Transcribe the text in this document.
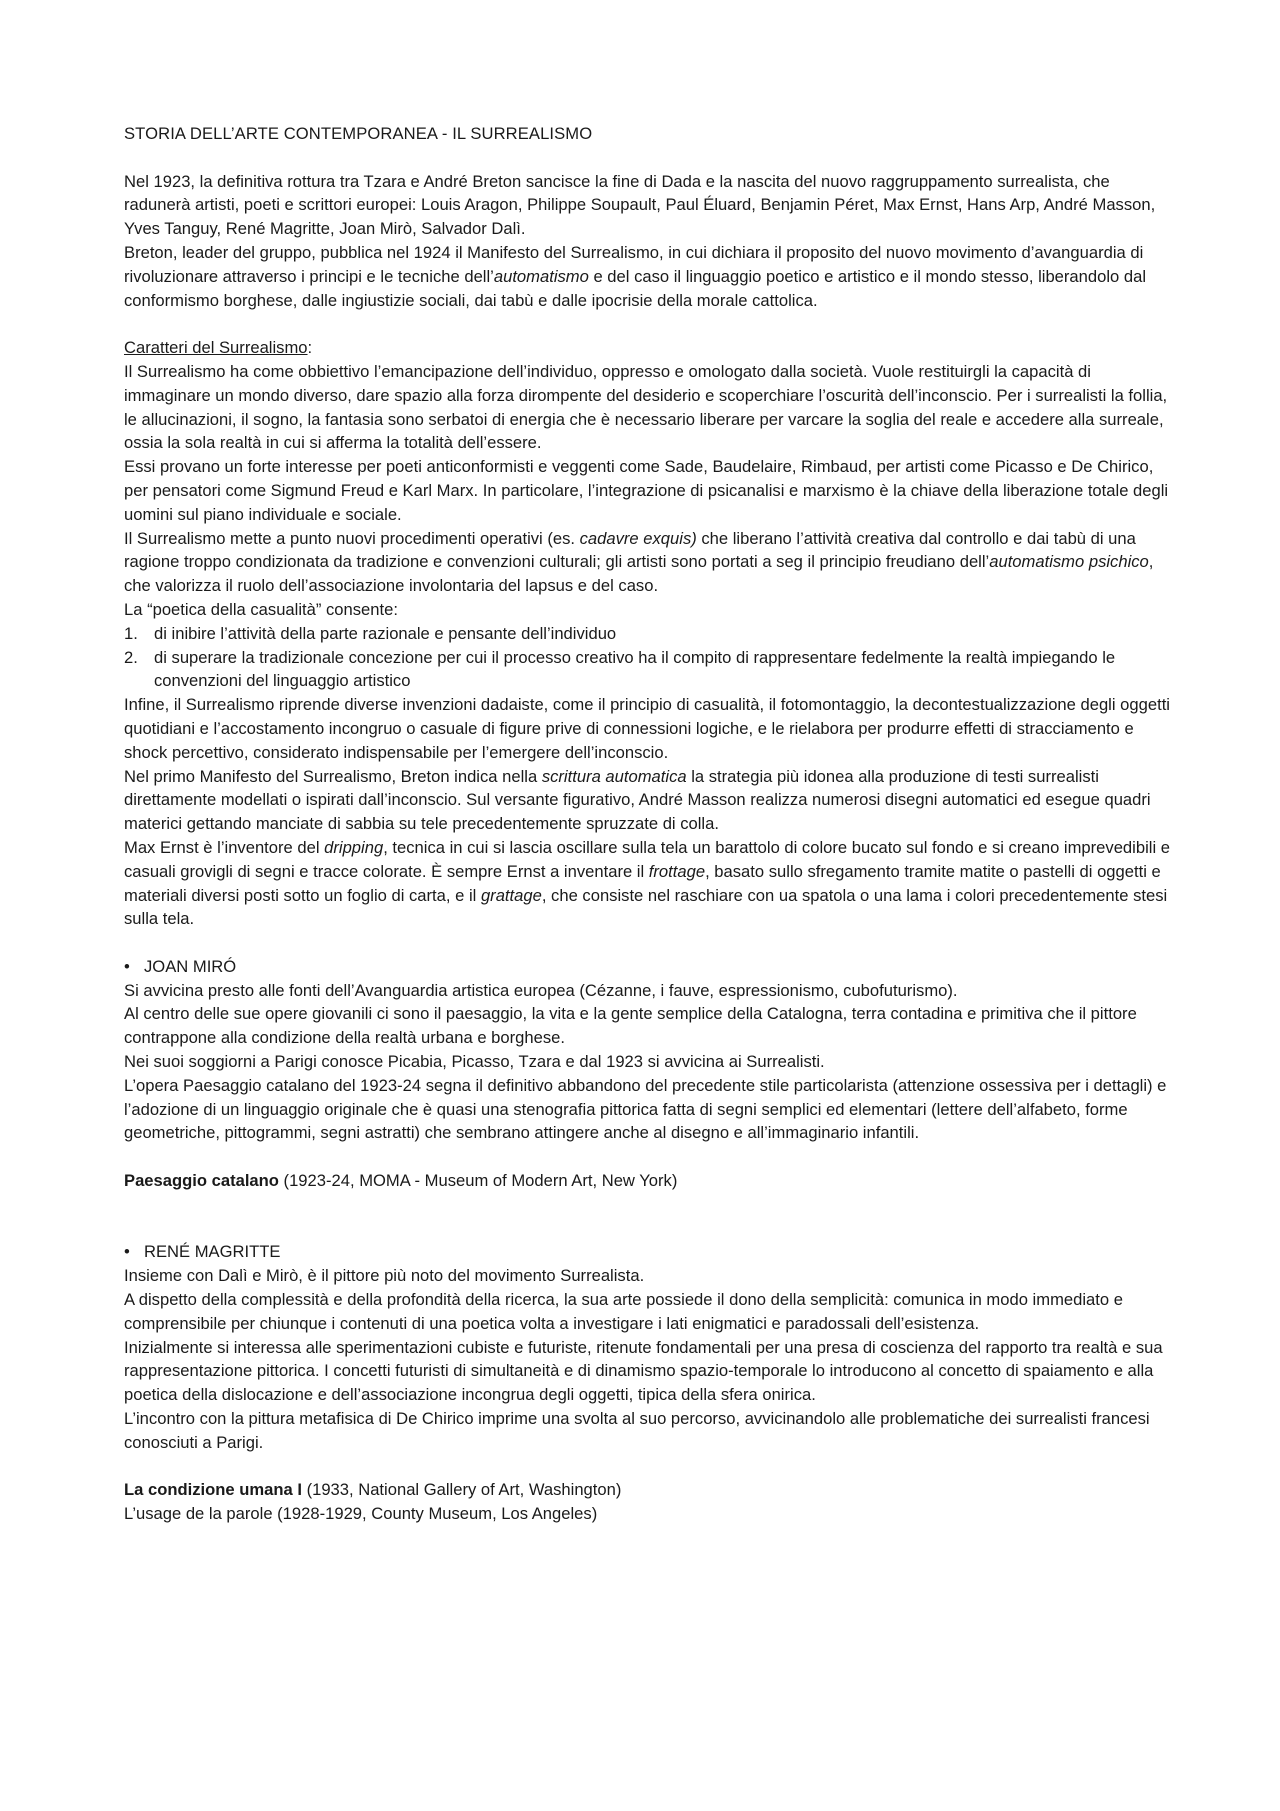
STORIA DELL’ARTE CONTEMPORANEA - IL SURREALISMO

Nel 1923, la definitiva rottura tra Tzara e André Breton sancisce la fine di Dada e la nascita del nuovo raggruppamento surrealista, che radunerà artisti, poeti e scrittori europei: Louis Aragon, Philippe Soupault, Paul Éluard, Benjamin Péret, Max Ernst, Hans Arp, André Masson, Yves Tanguy, René Magritte, Joan Mirò, Salvador Dalì.

Breton, leader del gruppo, pubblica nel 1924 il Manifesto del Surrealismo, in cui dichiara il proposito del nuovo movimento d’avanguardia di rivoluzionare attraverso i principi e le tecniche dell’automatismo e del caso il linguaggio poetico e artistico e il mondo stesso, liberandolo dal conformismo borghese, dalle ingiustizie sociali, dai tabù e dalle ipocrisie della morale cattolica.

Caratteri del Surrealismo:

Il Surrealismo ha come obbiettivo l’emancipazione dell’individuo, oppresso e omologato dalla società. Vuole restituirgli la capacità di immaginare un mondo diverso, dare spazio alla forza dirompente del desiderio e scoperchiare l’oscurità dell’inconscio. Per i surrealisti la follia, le allucinazioni, il sogno, la fantasia sono serbatoi di energia che è necessario liberare per varcare la soglia del reale e accedere alla surreale, ossia la sola realtà in cui si afferma la totalità dell’essere.

Essi provano un forte interesse per poeti anticonformisti e veggenti come Sade, Baudelaire, Rimbaud, per artisti come Picasso e De Chirico, per pensatori come Sigmund Freud e Karl Marx. In particolare, l’integrazione di psicanalisi e marxismo è la chiave della liberazione totale degli uomini sul piano individuale e sociale.

Il Surrealismo mette a punto nuovi procedimenti operativi (es. cadavre exquis) che liberano l’attività creativa dal controllo e dai tabù di una ragione troppo condizionata da tradizione e convenzioni culturali; gli artisti sono portati a seg il principio freudiano dell’automatismo psichico, che valorizza il ruolo dell’associazione involontaria del lapsus e del caso.

La “poetica della casualità” consente:

1. di inibire l’attività della parte razionale e pensante dell’individuo
2. di superare la tradizionale concezione per cui il processo creativo ha il compito di rappresentare fedelmente la realtà impiegando le convenzioni del linguaggio artistico

Infine, il Surrealismo riprende diverse invenzioni dadaiste, come il principio di casualità, il fotomontaggio, la decontestualizzazione degli oggetti quotidiani e l’accostamento incongruo o casuale di figure prive di connessioni logiche, e le rielabora per produrre effetti di stracciamento e shock percettivo, considerato indispensabile per l’emergere dell’inconscio.

Nel primo Manifesto del Surrealismo, Breton indica nella scrittura automatica la strategia più idonea alla produzione di testi surrealisti direttamente modellati o ispirati dall’inconscio. Sul versante figurativo, André Masson realizza numerosi disegni automatici ed esegue quadri materici gettando manciate di sabbia su tele precedentemente spruzzate di colla.

Max Ernst è l’inventore del dripping, tecnica in cui si lascia oscillare sulla tela un barattolo di colore bucato sul fondo e si creano imprevedibili e casuali grovigli di segni e tracce colorate. È sempre Ernst a inventare il frottage, basato sullo sfregamento tramite matite o pastelli di oggetti e materiali diversi posti sotto un foglio di carta, e il grattage, che consiste nel raschiare con ua spatola o una lama i colori precedentemente stesi sulla tela.

• JOAN MIRÓ

Si avvicina presto alle fonti dell’Avanguardia artistica europea (Cézanne, i fauve, espressionismo, cubofuturismo).

Al centro delle sue opere giovanili ci sono il paesaggio, la vita e la gente semplice della Catalogna, terra contadina e primitiva che il pittore contrappone alla condizione della realtà urbana e borghese.

Nei suoi soggiorni a Parigi conosce Picabia, Picasso, Tzara e dal 1923 si avvicina ai Surrealisti.

L’opera Paesaggio catalano del 1923-24 segna il definitivo abbandono del precedente stile particolarista (attenzione ossessiva per i dettagli) e l’adozione di un linguaggio originale che è quasi una stenografia pittorica fatta di segni semplici ed elementari (lettere dell’alfabeto, forme geometriche, pittogrammi, segni astratti) che sembrano attingere anche al disegno e all’immaginario infantili.

Paesaggio catalano (1923-24, MOMA - Museum of Modern Art, New York)

• RENÉ MAGRITTE

Insieme con Dalì e Mirò, è il pittore più noto del movimento Surrealista.

A dispetto della complessità e della profondità della ricerca, la sua arte possiede il dono della semplicità: comunica in modo immediato e comprensibile per chiunque i contenuti di una poetica volta a investigare i lati enigmatici e paradossali dell’esistenza.

Inizialmente si interessa alle sperimentazioni cubiste e futuriste, ritenute fondamentali per una presa di coscienza del rapporto tra realtà e sua rappresentazione pittorica. I concetti futuristi di simultaneità e di dinamismo spazio-temporale lo introducono al concetto di spaiamento e alla poetica della dislocazione e dell’associazione incongrua degli oggetti, tipica della sfera onirica.

L’incontro con la pittura metafisica di De Chirico imprime una svolta al suo percorso, avvicinandolo alle problematiche dei surrealisti francesi conosciuti a Parigi.

La condizione umana I (1933, National Gallery of Art, Washington)

L’usage de la parole (1928-1929, County Museum, Los Angeles)
